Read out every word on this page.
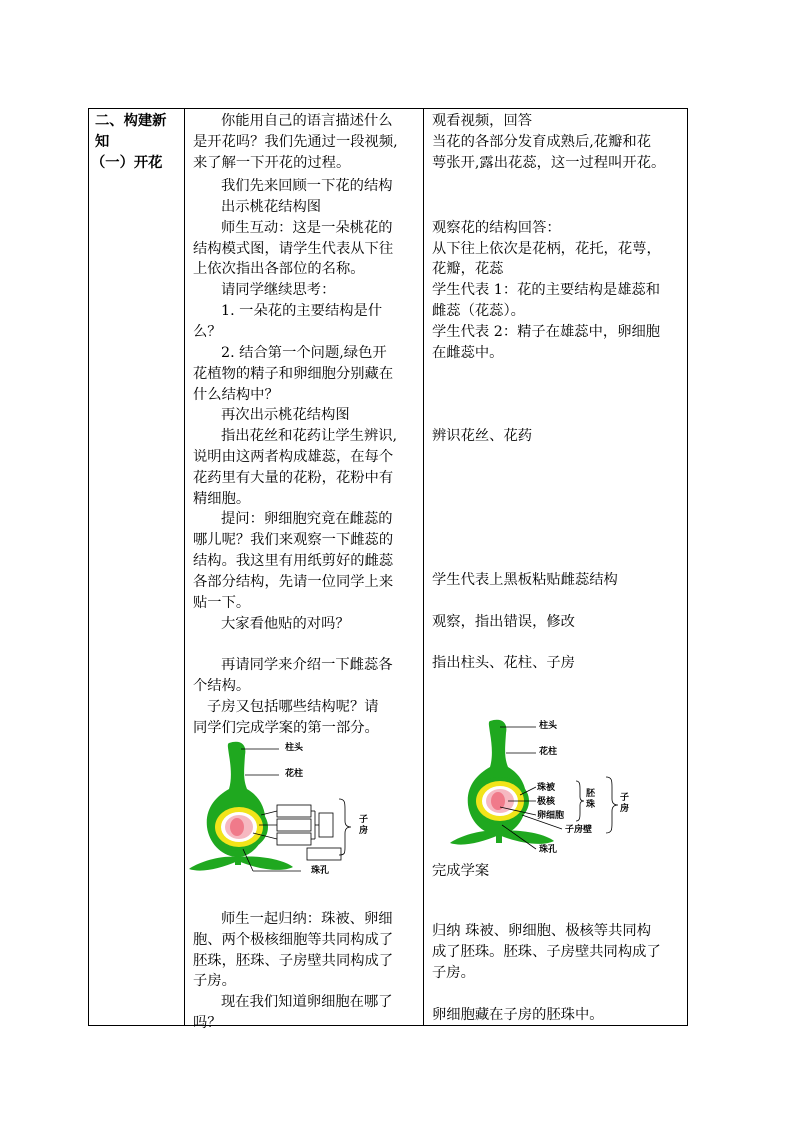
二、构建新
知
（一）开花
你能用自己的语言描述什么
是开花吗？我们先通过一段视频,
来了解一下开花的过程。
我们先来回顾一下花的结构
出示桃花结构图
师生互动：这是一朵桃花的
结构模式图，请学生代表从下往
上依次指出各部位的名称。
请同学继续思考：
1. 一朵花的主要结构是什
么？
2. 结合第一个问题,绿色开
花植物的精子和卵细胞分别藏在
什么结构中？
再次出示桃花结构图
指出花丝和花药让学生辨识,
说明由这两者构成雄蕊，在每个
花药里有大量的花粉，花粉中有
精细胞。
提问：卵细胞究竟在雌蕊的
哪儿呢？我们来观察一下雌蕊的
结构。我这里有用纸剪好的雌蕊
各部分结构，先请一位同学上来
贴一下。
大家看他贴的对吗？
再请同学来介绍一下雌蕊各
个结构。
子房又包括哪些结构呢？请
同学们完成学案的第一部分。
师生一起归纳：珠被、卵细
胞、两个极核细胞等共同构成了
胚珠，胚珠、子房壁共同构成了
子房。
现在我们知道卵细胞在哪了
吗？
柱头
花柱
子
房
珠孔
观看视频，回答
当花的各部分发育成熟后,花瓣和花
萼张开,露出花蕊，这一过程叫开花。
观察花的结构回答：
从下往上依次是花柄，花托，花萼，
花瓣，花蕊
学生代表 1：花的主要结构是雄蕊和
雌蕊（花蕊）。
学生代表 2：精子在雄蕊中，卵细胞
在雌蕊中。
辨识花丝、花药
学生代表上黑板粘贴雌蕊结构
观察，指出错误，修改
指出柱头、花柱、子房
完成学案
归纳 珠被、卵细胞、极核等共同构
成了胚珠。胚珠、子房壁共同构成了
子房。
卵细胞藏在子房的胚珠中。
柱头
花柱
珠被
极核
卵细胞
胚
珠
子
房
子房壁
珠孔
